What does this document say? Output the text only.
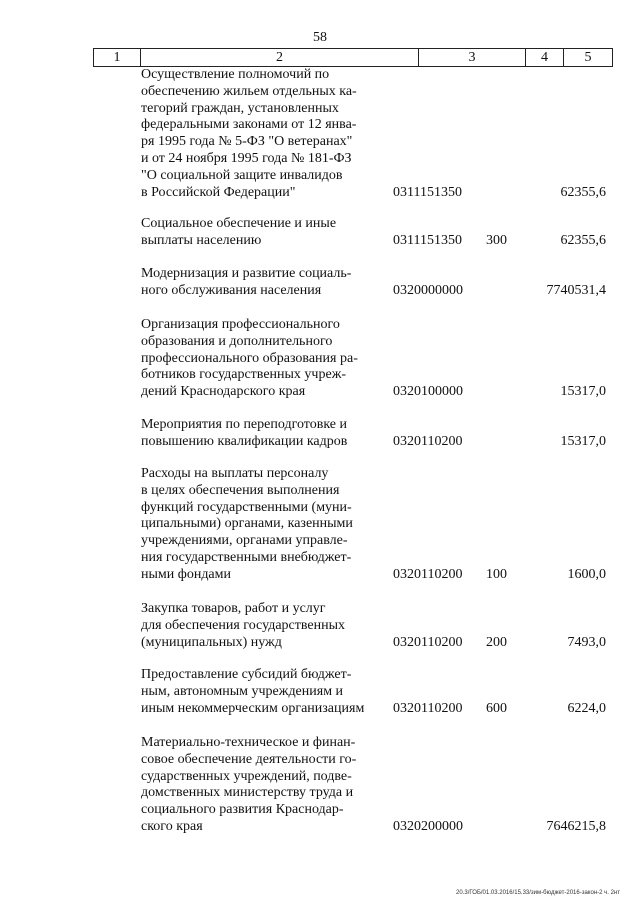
58
1	2	3	4	5
Осуществление полномочий по
обеспечению жильем отдельных ка-
тегорий граждан, установленных
федеральными законами от 12 янва-
ря 1995 года № 5-ФЗ "О ветеранах"
и от 24 ноября 1995 года № 181-ФЗ
"О социальной защите инвалидов
в Российской Федерации"	0311151350	62355,6
Социальное обеспечение и иные
выплаты населению	0311151350 300	62355,6
Модернизация и развитие социаль-
ного обслуживания населения	0320000000	7740531,4
Организация профессионального
образования и дополнительного
профессионального образования ра-
ботников государственных учреж-
дений Краснодарского края	0320100000	15317,0
Мероприятия по переподготовке и
повышению квалификации кадров	0320110200	15317,0
Расходы на выплаты персоналу
в целях обеспечения выполнения
функций государственными (муни-
ципальными) органами, казенными
учреждениями, органами управле-
ния государственными внебюджет-
ными фондами	0320110200 100	1600,0
Закупка товаров, работ и услуг
для обеспечения государственных
(муниципальных) нужд	0320110200 200	7493,0
Предоставление субсидий бюджет-
ным, автономным учреждениям и
иным некоммерческим организациям	0320110200 600	6224,0
Материально-техническое и финан-
совое обеспечение деятельности го-
сударственных учреждений, подве-
домственных министерству труда и
социального развития Краснодар-
ского края	0320200000	7646215,8
20.3/ГОБ/01.03.2016/15.33/зим-бюджет-2016-закон-2 ч. 2нт
